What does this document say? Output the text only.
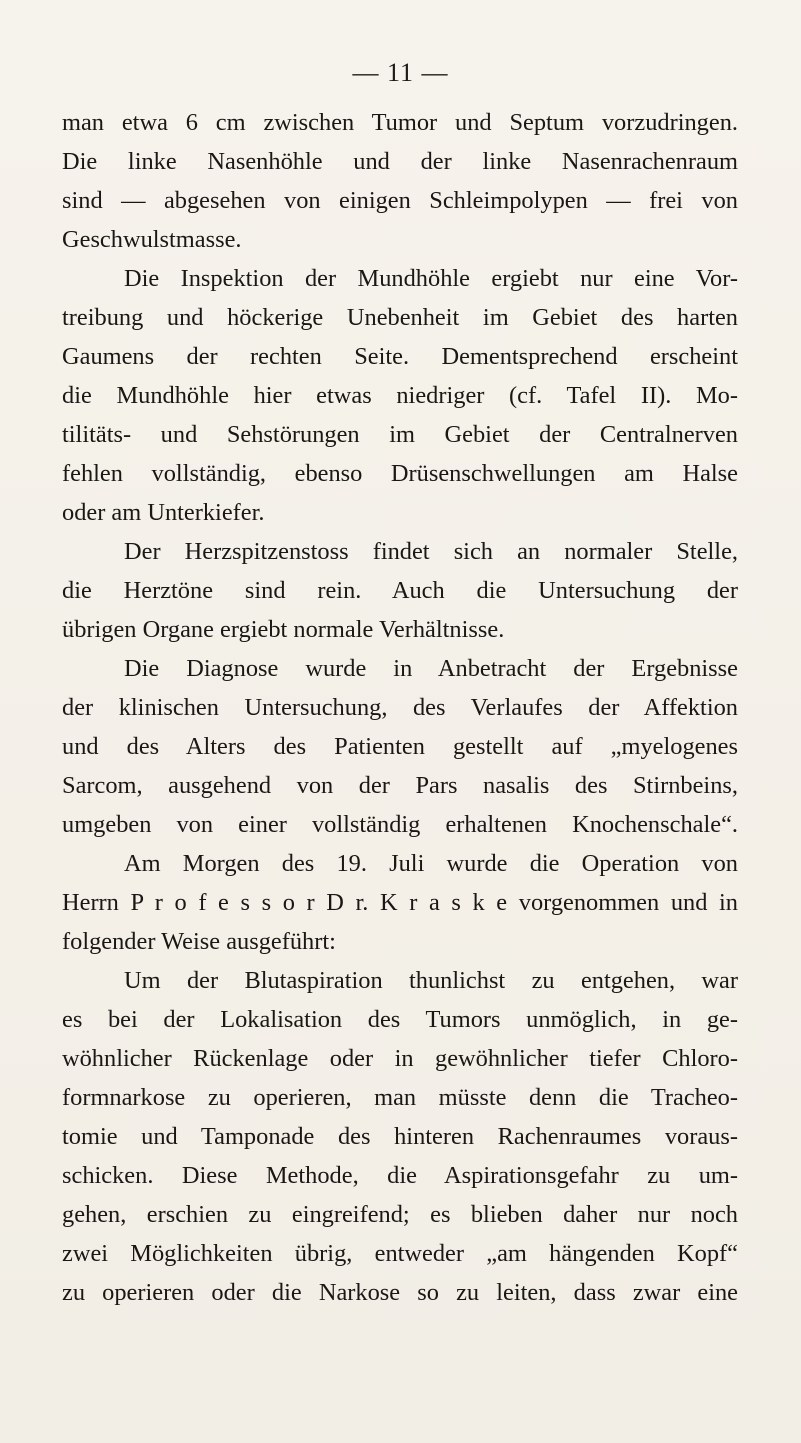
— 11 —
man etwa 6 cm zwischen Tumor und Septum vorzudringen.
Die linke Nasenhöhle und der linke Nasenrachenraum
sind — abgesehen von einigen Schleimpolypen — frei von
Geschwulstmasse.
Die Inspektion der Mundhöhle ergiebt nur eine Vor-
treibung und höckerige Unebenheit im Gebiet des harten
Gaumens der rechten Seite. Dementsprechend erscheint
die Mundhöhle hier etwas niedriger (cf. Tafel II). Mo-
tilitäts- und Sehstörungen im Gebiet der Centralnerven
fehlen vollständig, ebenso Drüsenschwellungen am Halse
oder am Unterkiefer.
Der Herzspitzenstoss findet sich an normaler Stelle,
die Herztöne sind rein. Auch die Untersuchung der
übrigen Organe ergiebt normale Verhältnisse.
Die Diagnose wurde in Anbetracht der Ergebnisse
der klinischen Untersuchung, des Verlaufes der Affektion
und des Alters des Patienten gestellt auf „myelogenes
Sarcom, ausgehend von der Pars nasalis des Stirnbeins,
umgeben von einer vollständig erhaltenen Knochenschale“.
Am Morgen des 19. Juli wurde die Operation von
Herrn P r o f e s s o r D r. K r a s k e vorgenommen und in
folgender Weise ausgeführt:
Um der Blutaspiration thunlichst zu entgehen, war
es bei der Lokalisation des Tumors unmöglich, in ge-
wöhnlicher Rückenlage oder in gewöhnlicher tiefer Chloro-
formnarkose zu operieren, man müsste denn die Tracheo-
tomie und Tamponade des hinteren Rachenraumes voraus-
schicken. Diese Methode, die Aspirationsgefahr zu um-
gehen, erschien zu eingreifend; es blieben daher nur noch
zwei Möglichkeiten übrig, entweder „am hängenden Kopf“
zu operieren oder die Narkose so zu leiten, dass zwar eine
